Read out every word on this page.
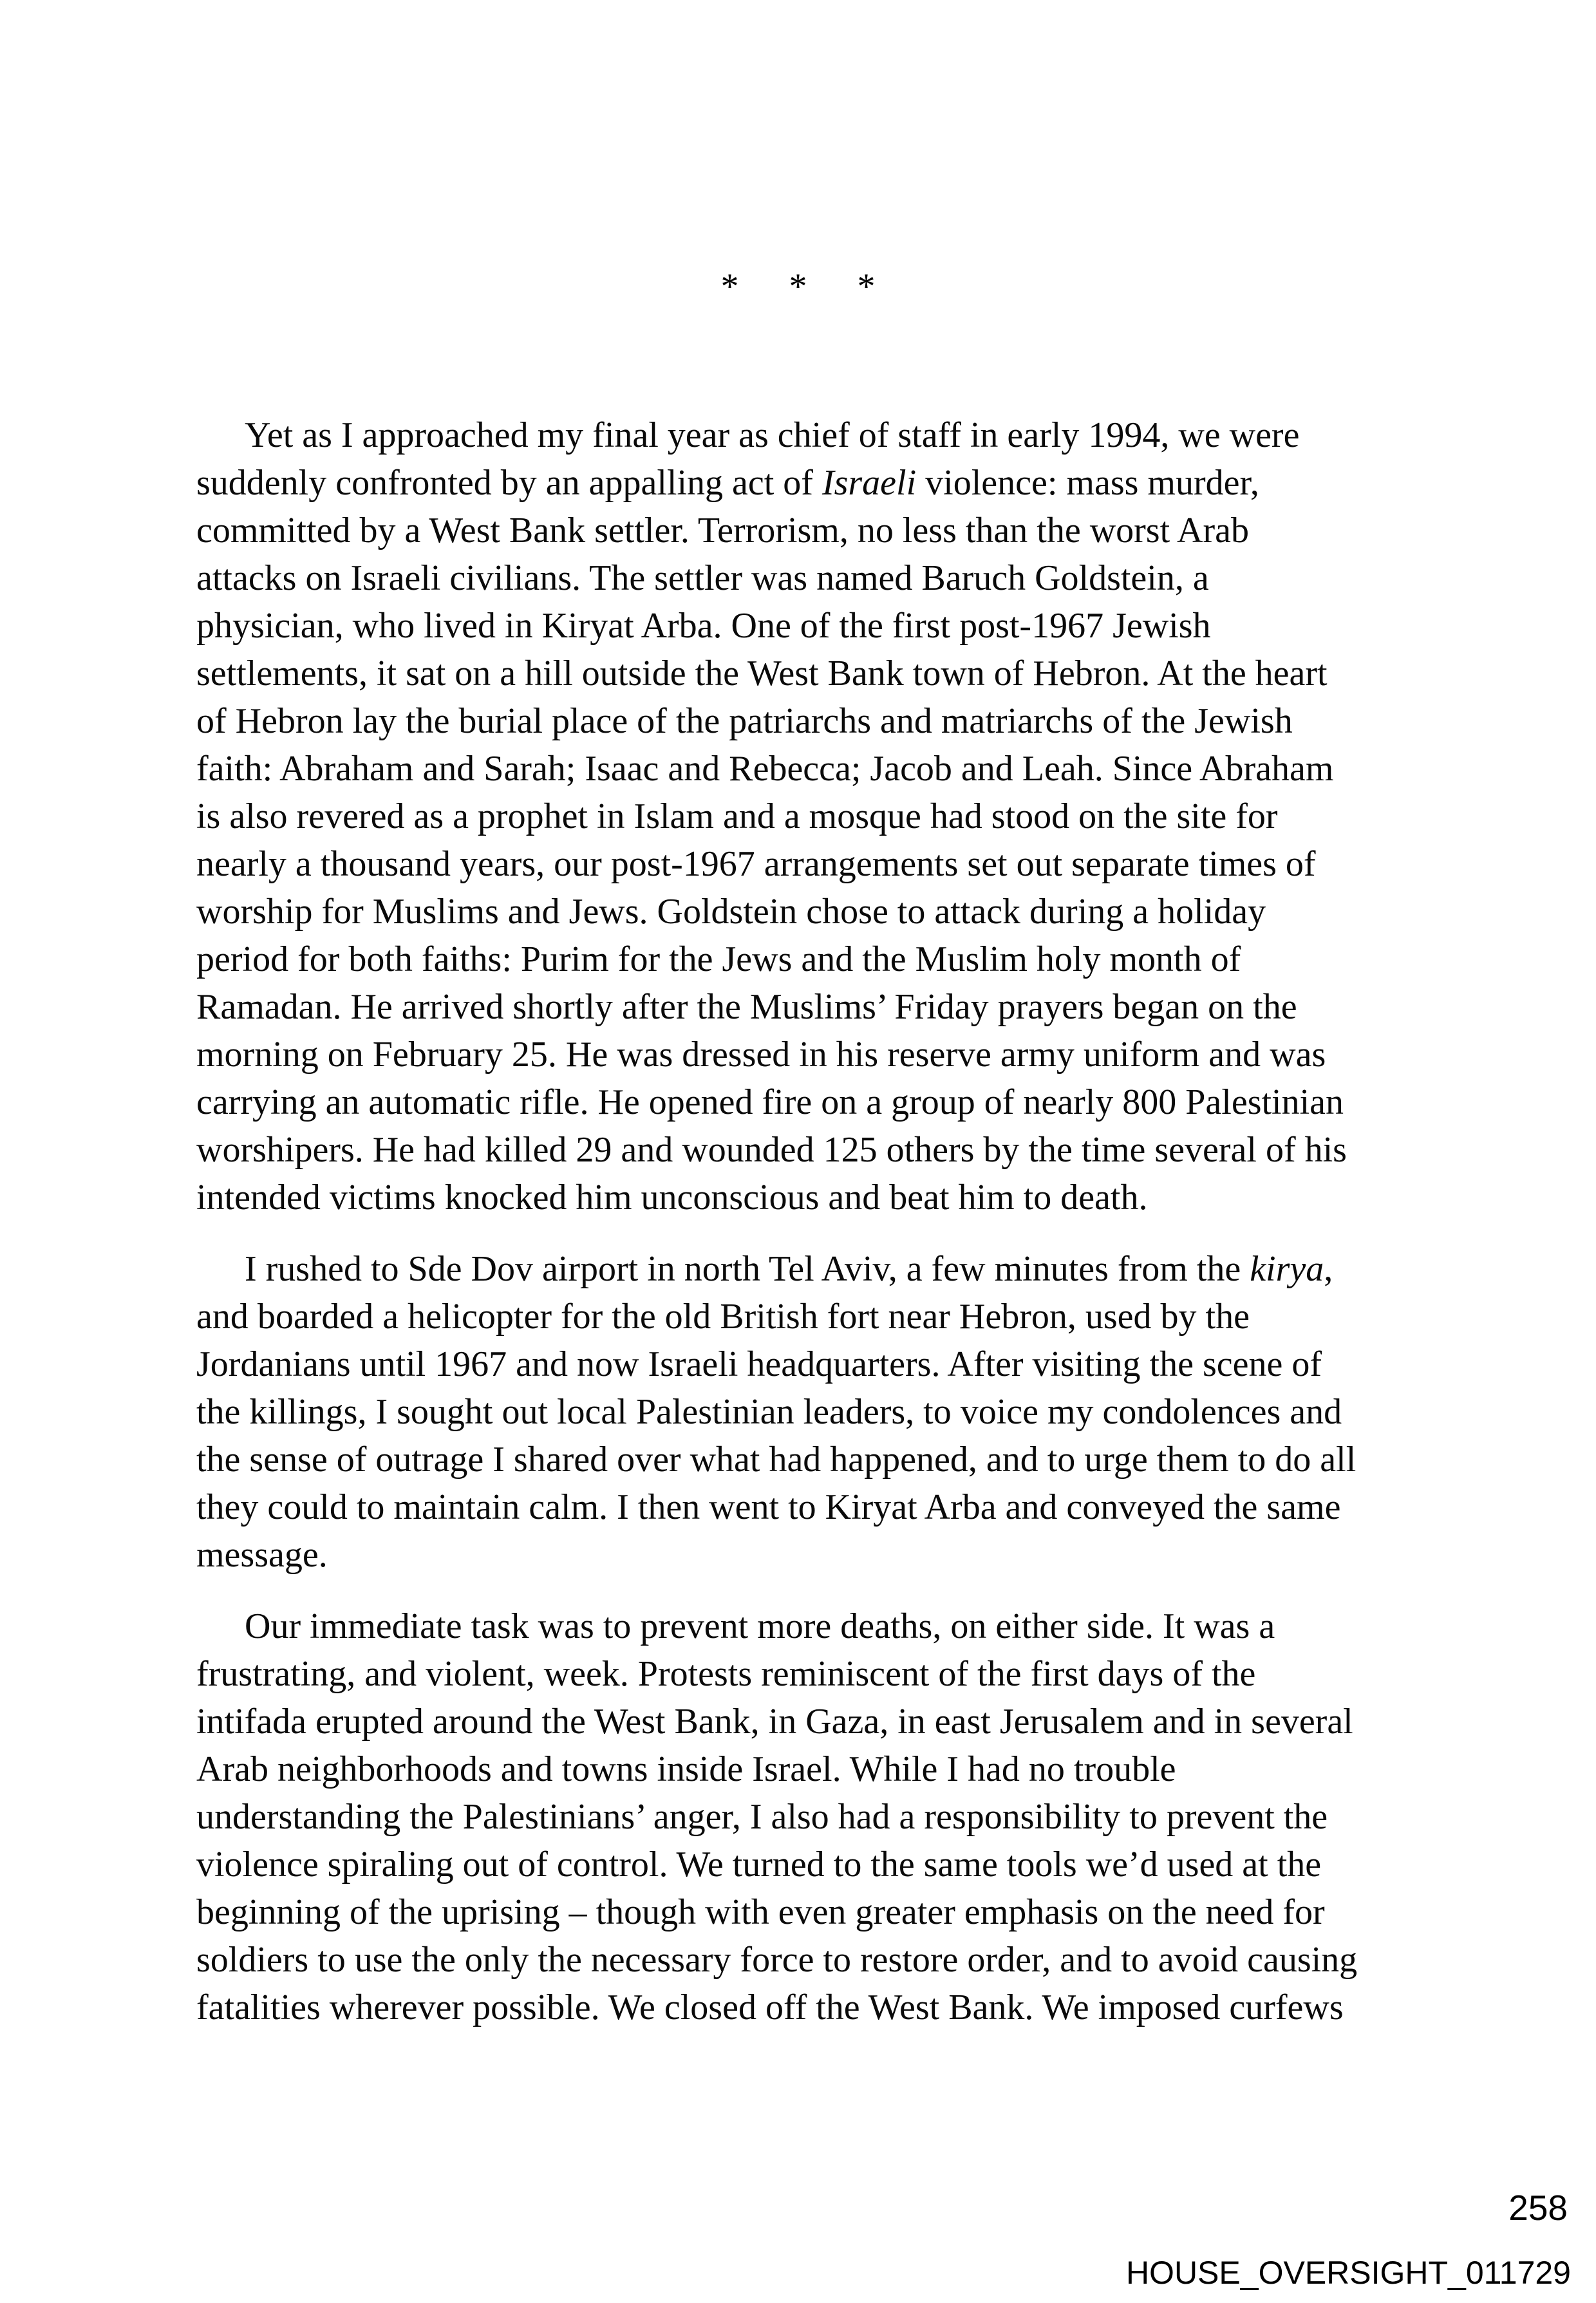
* * *

Yet as I approached my final year as chief of staff in early 1994, we were
suddenly confronted by an appalling act of Israeli violence: mass murder,
committed by a West Bank settler. Terrorism, no less than the worst Arab
attacks on Israeli civilians. The settler was named Baruch Goldstein, a
physician, who lived in Kiryat Arba. One of the first post-1967 Jewish
settlements, it sat on a hill outside the West Bank town of Hebron. At the heart
of Hebron lay the burial place of the patriarchs and matriarchs of the Jewish
faith: Abraham and Sarah; Isaac and Rebecca; Jacob and Leah. Since Abraham
is also revered as a prophet in Islam and a mosque had stood on the site for
nearly a thousand years, our post-1967 arrangements set out separate times of
worship for Muslims and Jews. Goldstein chose to attack during a holiday
period for both faiths: Purim for the Jews and the Muslim holy month of
Ramadan. He arrived shortly after the Muslims’ Friday prayers began on the
morning on February 25. He was dressed in his reserve army uniform and was
carrying an automatic rifle. He opened fire on a group of nearly 800 Palestinian
worshipers. He had killed 29 and wounded 125 others by the time several of his
intended victims knocked him unconscious and beat him to death.

I rushed to Sde Dov airport in north Tel Aviv, a few minutes from the kirya,
and boarded a helicopter for the old British fort near Hebron, used by the
Jordanians until 1967 and now Israeli headquarters. After visiting the scene of
the killings, I sought out local Palestinian leaders, to voice my condolences and
the sense of outrage I shared over what had happened, and to urge them to do all
they could to maintain calm. I then went to Kiryat Arba and conveyed the same
message.

Our immediate task was to prevent more deaths, on either side. It was a
frustrating, and violent, week. Protests reminiscent of the first days of the
intifada erupted around the West Bank, in Gaza, in east Jerusalem and in several
Arab neighborhoods and towns inside Israel. While I had no trouble
understanding the Palestinians’ anger, I also had a responsibility to prevent the
violence spiraling out of control. We turned to the same tools we’d used at the
beginning of the uprising – though with even greater emphasis on the need for
soldiers to use the only the necessary force to restore order, and to avoid causing
fatalities wherever possible. We closed off the West Bank. We imposed curfews

258
HOUSE_OVERSIGHT_011729
